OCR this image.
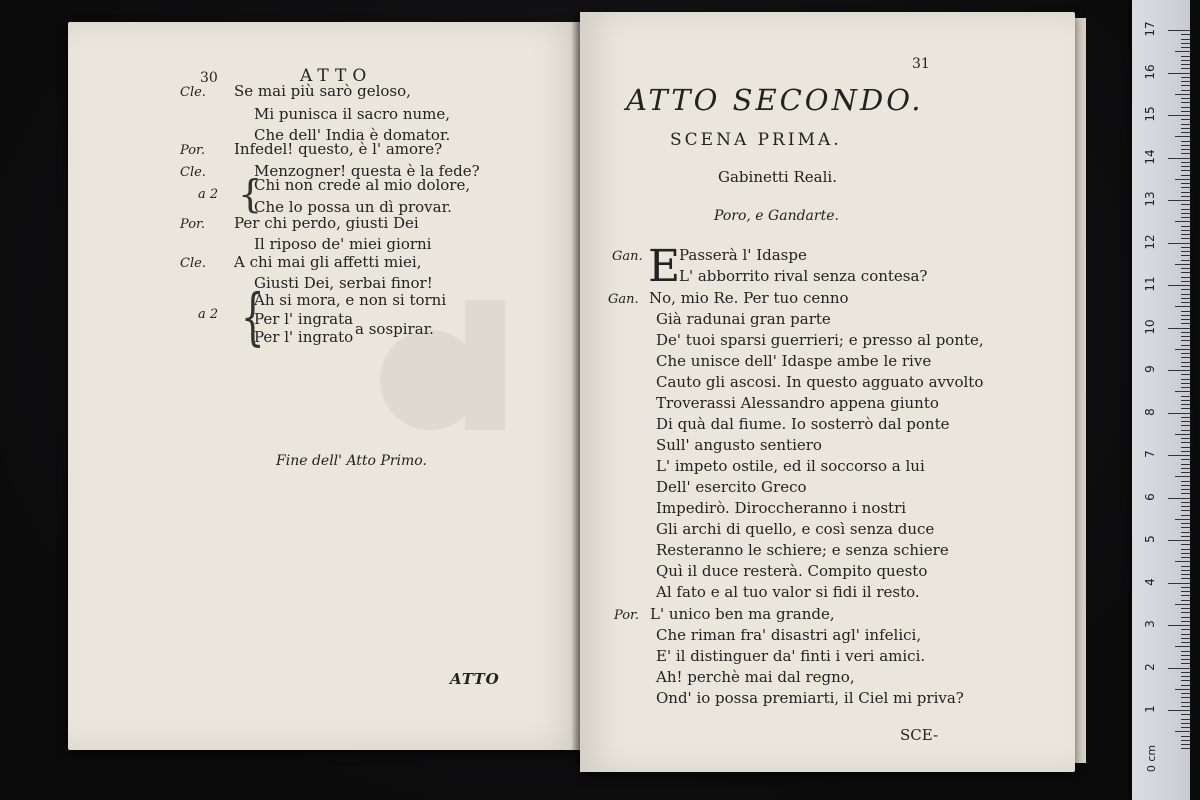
30	ATTO
Cle. Se mai più sarò geloso,
Mi punisca il sacro nume,
Che dell' India è domator.
Por. Infedel! questo, è l' amore?
Cle.	Menzogner! questa è la fede?
a 2
Chi non crede al mio dolore,
{
Che lo possa un dì provar.
Por. Per chi perdo, giusti Dei
Il riposo de' miei giorni
Cle. A chi mai gli affetti miei,
Giusti Dei, serbai finor!
Ah si mora, e non si torni
{
a 2 Per l' ingrata
Per l' ingrato a sospirar.
Fine dell' Atto Primo.
ATTO
31
ATTO SECONDO.
SCENA PRIMA.
Gabinetti Reali.
Poro, e Gandarte.
E
Gan. Passerà l' Idaspe
L' abborrito rival senza contesa?
Gan. No, mio Re. Per tuo cenno
Già radunai gran parte
De' tuoi sparsi guerrieri; e presso al ponte,
Che unisce dell' Idaspe ambe le rive
Cauto gli ascosi. In questo agguato avvolto
Troverassi Alessandro appena giunto
Di quà dal fiume. Io sosterrò dal ponte
Sull' angusto sentiero
L' impeto ostile, ed il soccorso a lui
Dell' esercito Greco
Impedirò. Diroccheranno i nostri
Gli archi di quello, e così senza duce
Resteranno le schiere; e senza schiere
Quì il duce resterà. Compito questo
Al fato e al tuo valor si fidi il resto.
Por. L' unico ben ma grande,
Che riman fra' disastri agl' infelici,
E' il distinguer da' finti i veri amici.
Ah! perchè mai dal regno,
Ond' io possa premiarti, il Ciel mi priva?
SCE-
0 cm
17
16
15
14
13
12
11
10
9
8
7
6
5
4
3
2
1
